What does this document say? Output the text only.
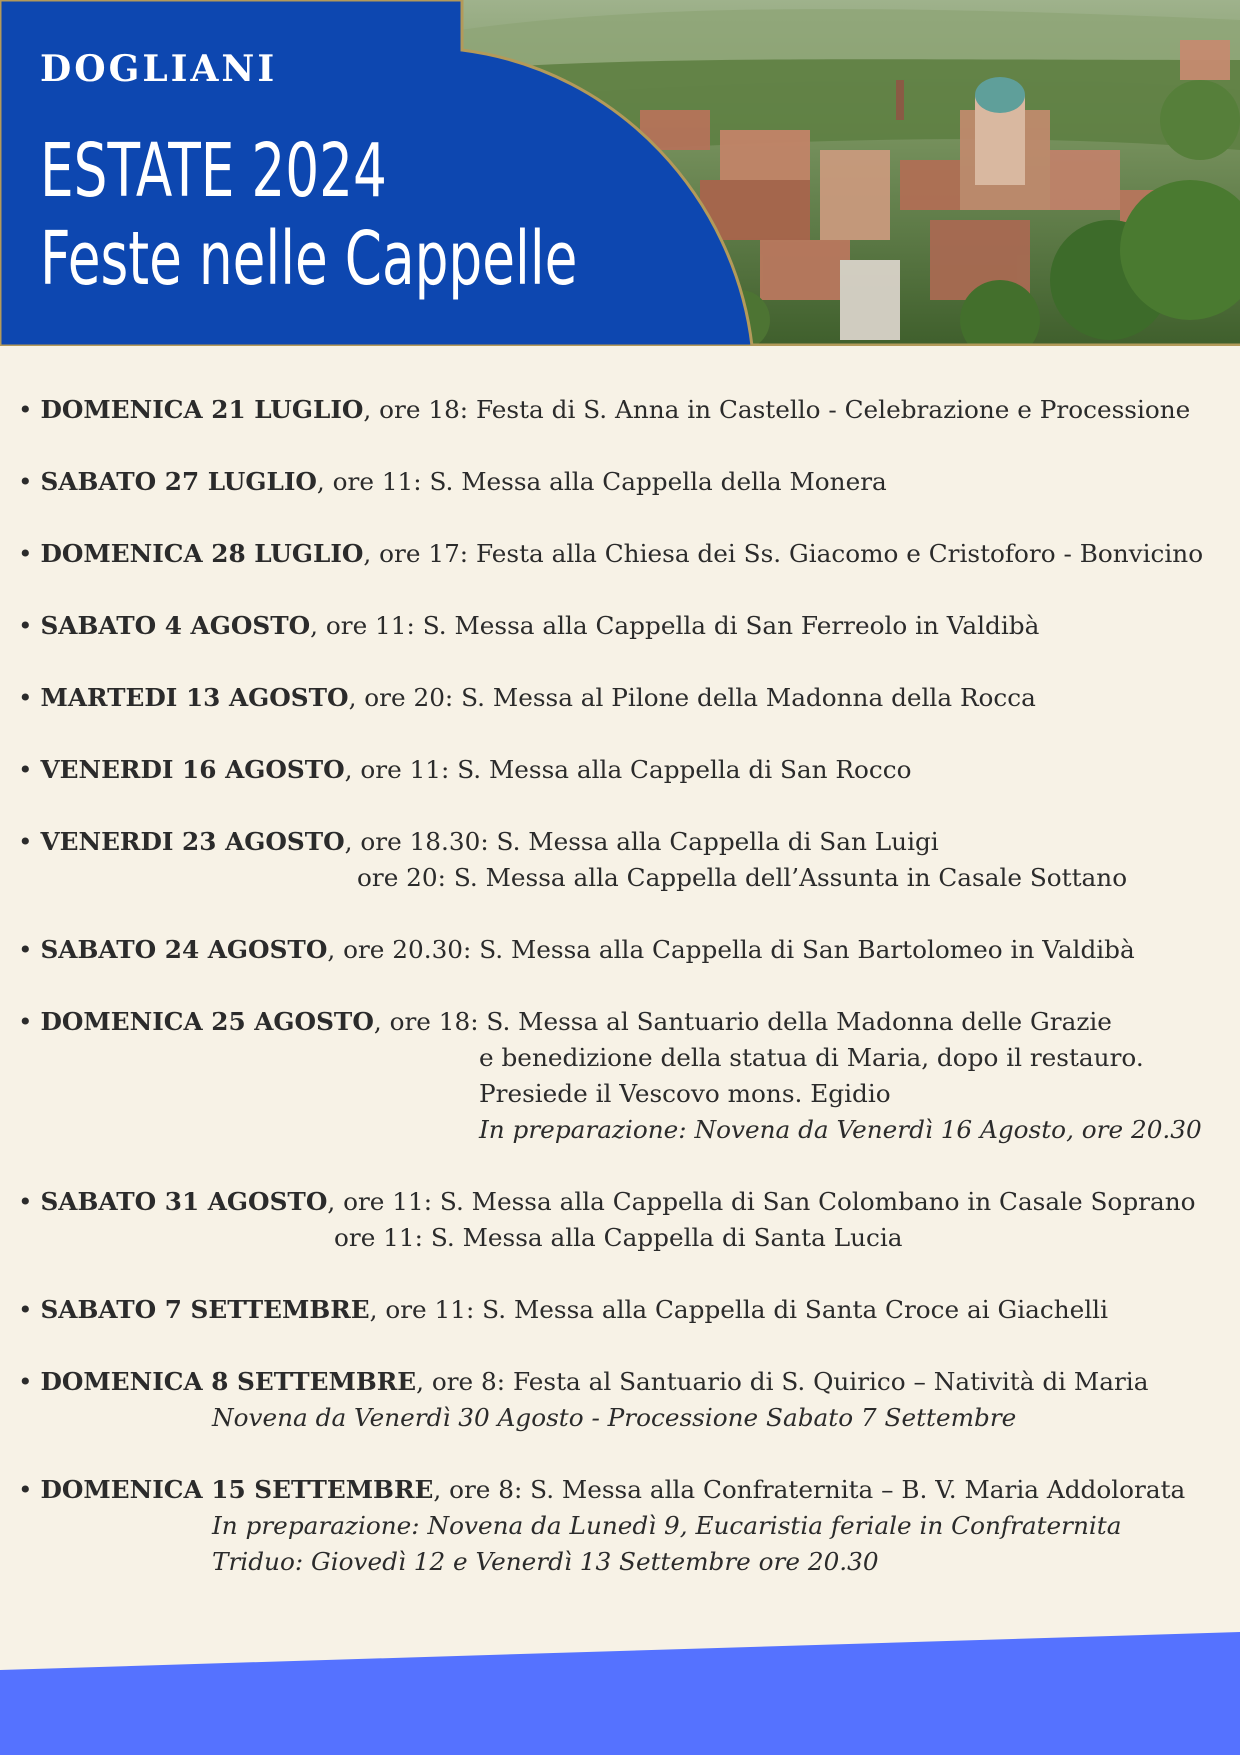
DOGLIANI
ESTATE 2024
Feste nelle Cappelle
• DOMENICA 21 LUGLIO, ore 18: Festa di S. Anna in Castello - Celebrazione e Processione
• SABATO 27 LUGLIO, ore 11: S. Messa alla Cappella della Monera
• DOMENICA 28 LUGLIO, ore 17: Festa alla Chiesa dei Ss. Giacomo e Cristoforo - Bonvicino
• SABATO 4 AGOSTO, ore 11: S. Messa alla Cappella di San Ferreolo in Valdibà
• MARTEDI 13 AGOSTO, ore 20: S. Messa al Pilone della Madonna della Rocca
• VENERDI 16 AGOSTO, ore 11: S. Messa alla Cappella di San Rocco
• VENERDI 23 AGOSTO, ore 18.30: S. Messa alla Cappella di San Luigi
ore 20: S. Messa alla Cappella dell’Assunta in Casale Sottano
• SABATO 24 AGOSTO, ore 20.30: S. Messa alla Cappella di San Bartolomeo in Valdibà
• DOMENICA 25 AGOSTO, ore 18: S. Messa al Santuario della Madonna delle Grazie
e benedizione della statua di Maria, dopo il restauro.
Presiede il Vescovo mons. Egidio
In preparazione: Novena da Venerdì 16 Agosto, ore 20.30
• SABATO 31 AGOSTO, ore 11: S. Messa alla Cappella di San Colombano in Casale Soprano
ore 11: S. Messa alla Cappella di Santa Lucia
• SABATO 7 SETTEMBRE, ore 11: S. Messa alla Cappella di Santa Croce ai Giachelli
• DOMENICA 8 SETTEMBRE, ore 8: Festa al Santuario di S. Quirico – Natività di Maria
Novena da Venerdì 30 Agosto - Processione Sabato 7 Settembre
• DOMENICA 15 SETTEMBRE, ore 8: S. Messa alla Confraternita – B. V. Maria Addolorata
In preparazione: Novena da Lunedì 9, Eucaristia feriale in Confraternita
Triduo: Giovedì 12 e Venerdì 13 Settembre ore 20.30
